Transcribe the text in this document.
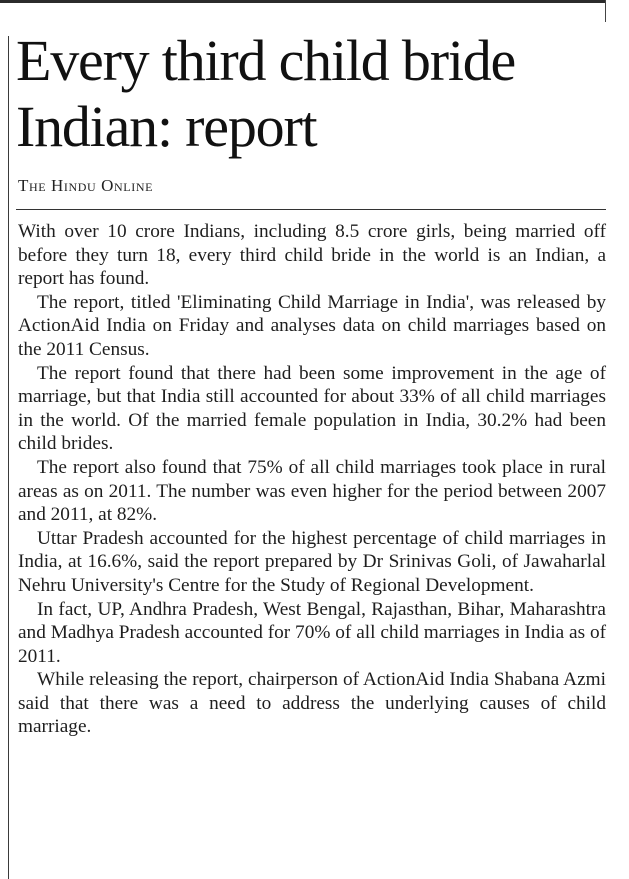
Every third child bride Indian: report
The Hindu Online

With over 10 crore Indians, including 8.5 crore girls, being married off before they turn 18, every third child bride in the world is an Indian, a report has found.

The report, titled 'Eliminating Child Marriage in India', was released by ActionAid India on Friday and analyses data on child marriages based on the 2011 Census.

The report found that there had been some improvement in the age of marriage, but that India still accounted for about 33% of all child marriages in the world. Of the married female population in India, 30.2% had been child brides.

The report also found that 75% of all child marriages took place in rural areas as on 2011. The number was even higher for the period between 2007 and 2011, at 82%.

Uttar Pradesh accounted for the highest percentage of child marriages in India, at 16.6%, said the report prepared by Dr Srinivas Goli, of Jawaharlal Nehru University's Centre for the Study of Regional Development.

In fact, UP, Andhra Pradesh, West Bengal, Rajasthan, Bihar, Maharashtra and Madhya Pradesh accounted for 70% of all child marriages in India as of 2011.

While releasing the report, chairperson of ActionAid India Shabana Azmi said that there was a need to address the underlying causes of child marriage.
